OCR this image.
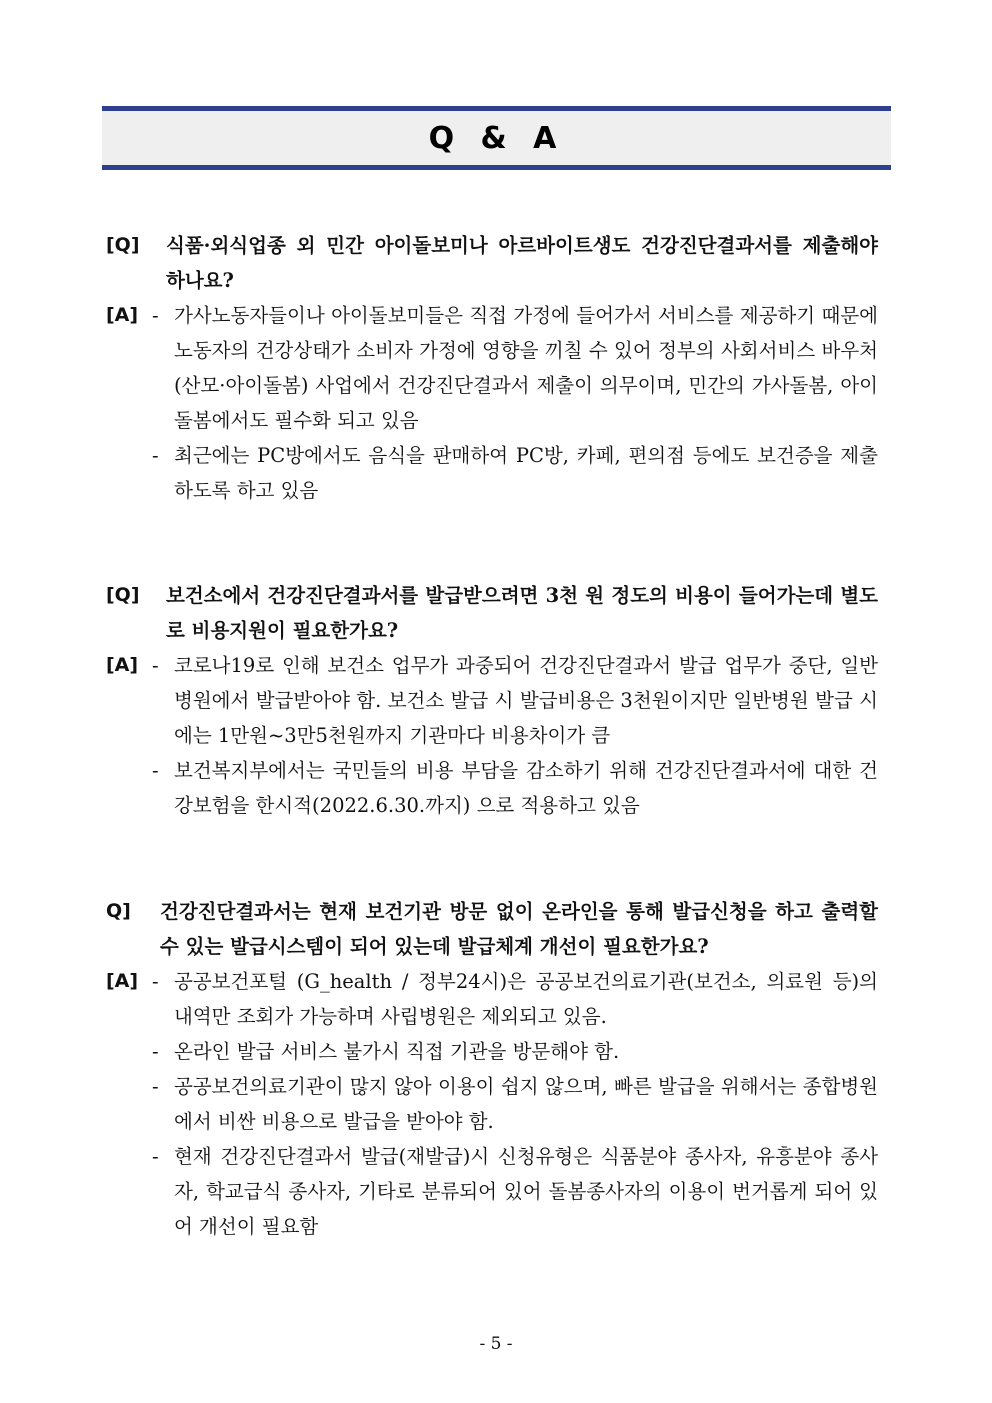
Q & A
[Q]	식품·외식업종 외 민간 아이돌보미나 아르바이트생도 건강진단결과서를 제출해야 하나요?
[A] - 가사노동자들이나 아이돌보미들은 직접 가정에 들어가서 서비스를 제공하기 때문에 노동자의 건강상태가 소비자 가정에 영향을 끼칠 수 있어 정부의 사회서비스 바우처(산모·아이돌봄) 사업에서 건강진단결과서 제출이 의무이며, 민간의 가사돌봄, 아이돌봄에서도 필수화 되고 있음
- 최근에는 PC방에서도 음식을 판매하여 PC방, 카페, 편의점 등에도 보건증을 제출하도록 하고 있음
[Q]	보건소에서 건강진단결과서를 발급받으려면 3천 원 정도의 비용이 들어가는데 별도로 비용지원이 필요한가요?
[A] - 코로나19로 인해 보건소 업무가 과중되어 건강진단결과서 발급 업무가 중단, 일반 병원에서 발급받아야 함. 보건소 발급 시 발급비용은 3천원이지만 일반병원 발급 시에는 1만원~3만5천원까지 기관마다 비용차이가 큼
- 보건복지부에서는 국민들의 비용 부담을 감소하기 위해 건강진단결과서에 대한 건강보험을 한시적(2022.6.30.까지) 으로 적용하고 있음
Q]	건강진단결과서는 현재 보건기관 방문 없이 온라인을 통해 발급신청을 하고 출력할 수 있는 발급시스템이 되어 있는데 발급체계 개선이 필요한가요?
[A] - 공공보건포털 (G_health / 정부24시)은 공공보건의료기관(보건소, 의료원 등)의 내역만 조회가 가능하며 사립병원은 제외되고 있음.
- 온라인 발급 서비스 불가시 직접 기관을 방문해야 함.
- 공공보건의료기관이 많지 않아 이용이 쉽지 않으며, 빠른 발급을 위해서는 종합병원에서 비싼 비용으로 발급을 받아야 함.
- 현재 건강진단결과서 발급(재발급)시 신청유형은 식품분야 종사자, 유흥분야 종사자, 학교급식 종사자, 기타로 분류되어 있어 돌봄종사자의 이용이 번거롭게 되어 있어 개선이 필요함
- 5 -
